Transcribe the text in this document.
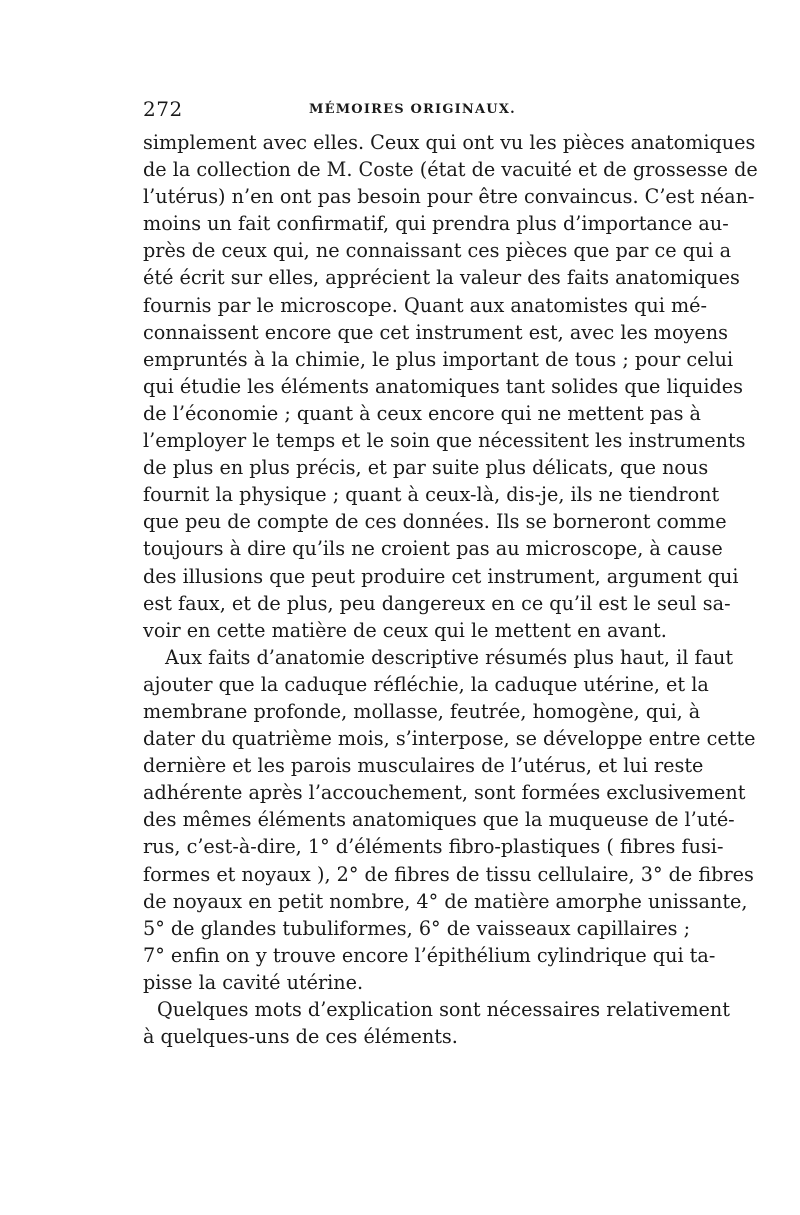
272	MÉMOIRES ORIGINAUX.
simplement avec elles. Ceux qui ont vu les pièces anatomiques
de la collection de M. Coste (état de vacuité et de grossesse de
l’utérus) n’en ont pas besoin pour être convaincus. C’est néan-
moins un fait confirmatif, qui prendra plus d’importance au-
près de ceux qui, ne connaissant ces pièces que par ce qui a
été écrit sur elles, apprécient la valeur des faits anatomiques
fournis par le microscope. Quant aux anatomistes qui mé-
connaissent encore que cet instrument est, avec les moyens
empruntés à la chimie, le plus important de tous ; pour celui
qui étudie les éléments anatomiques tant solides que liquides
de l’économie ; quant à ceux encore qui ne mettent pas à
l’employer le temps et le soin que nécessitent les instruments
de plus en plus précis, et par suite plus délicats, que nous
fournit la physique ; quant à ceux-là, dis-je, ils ne tiendront
que peu de compte de ces données. Ils se borneront comme
toujours à dire qu’ils ne croient pas au microscope, à cause
des illusions que peut produire cet instrument, argument qui
est faux, et de plus, peu dangereux en ce qu’il est le seul sa-
voir en cette matière de ceux qui le mettent en avant.
Aux faits d’anatomie descriptive résumés plus haut, il faut
ajouter que la caduque réfléchie, la caduque utérine, et la
membrane profonde, mollasse, feutrée, homogène, qui, à
dater du quatrième mois, s’interpose, se développe entre cette
dernière et les parois musculaires de l’utérus, et lui reste
adhérente après l’accouchement, sont formées exclusivement
des mêmes éléments anatomiques que la muqueuse de l’uté-
rus, c’est-à-dire, 1° d’éléments fibro-plastiques ( fibres fusi-
formes et noyaux ), 2° de fibres de tissu cellulaire, 3° de fibres
de noyaux en petit nombre, 4° de matière amorphe unissante,
5° de glandes tubuliformes, 6° de vaisseaux capillaires ;
7° enfin on y trouve encore l’épithélium cylindrique qui ta-
pisse la cavité utérine.
Quelques mots d’explication sont nécessaires relativement
à quelques-uns de ces éléments.
